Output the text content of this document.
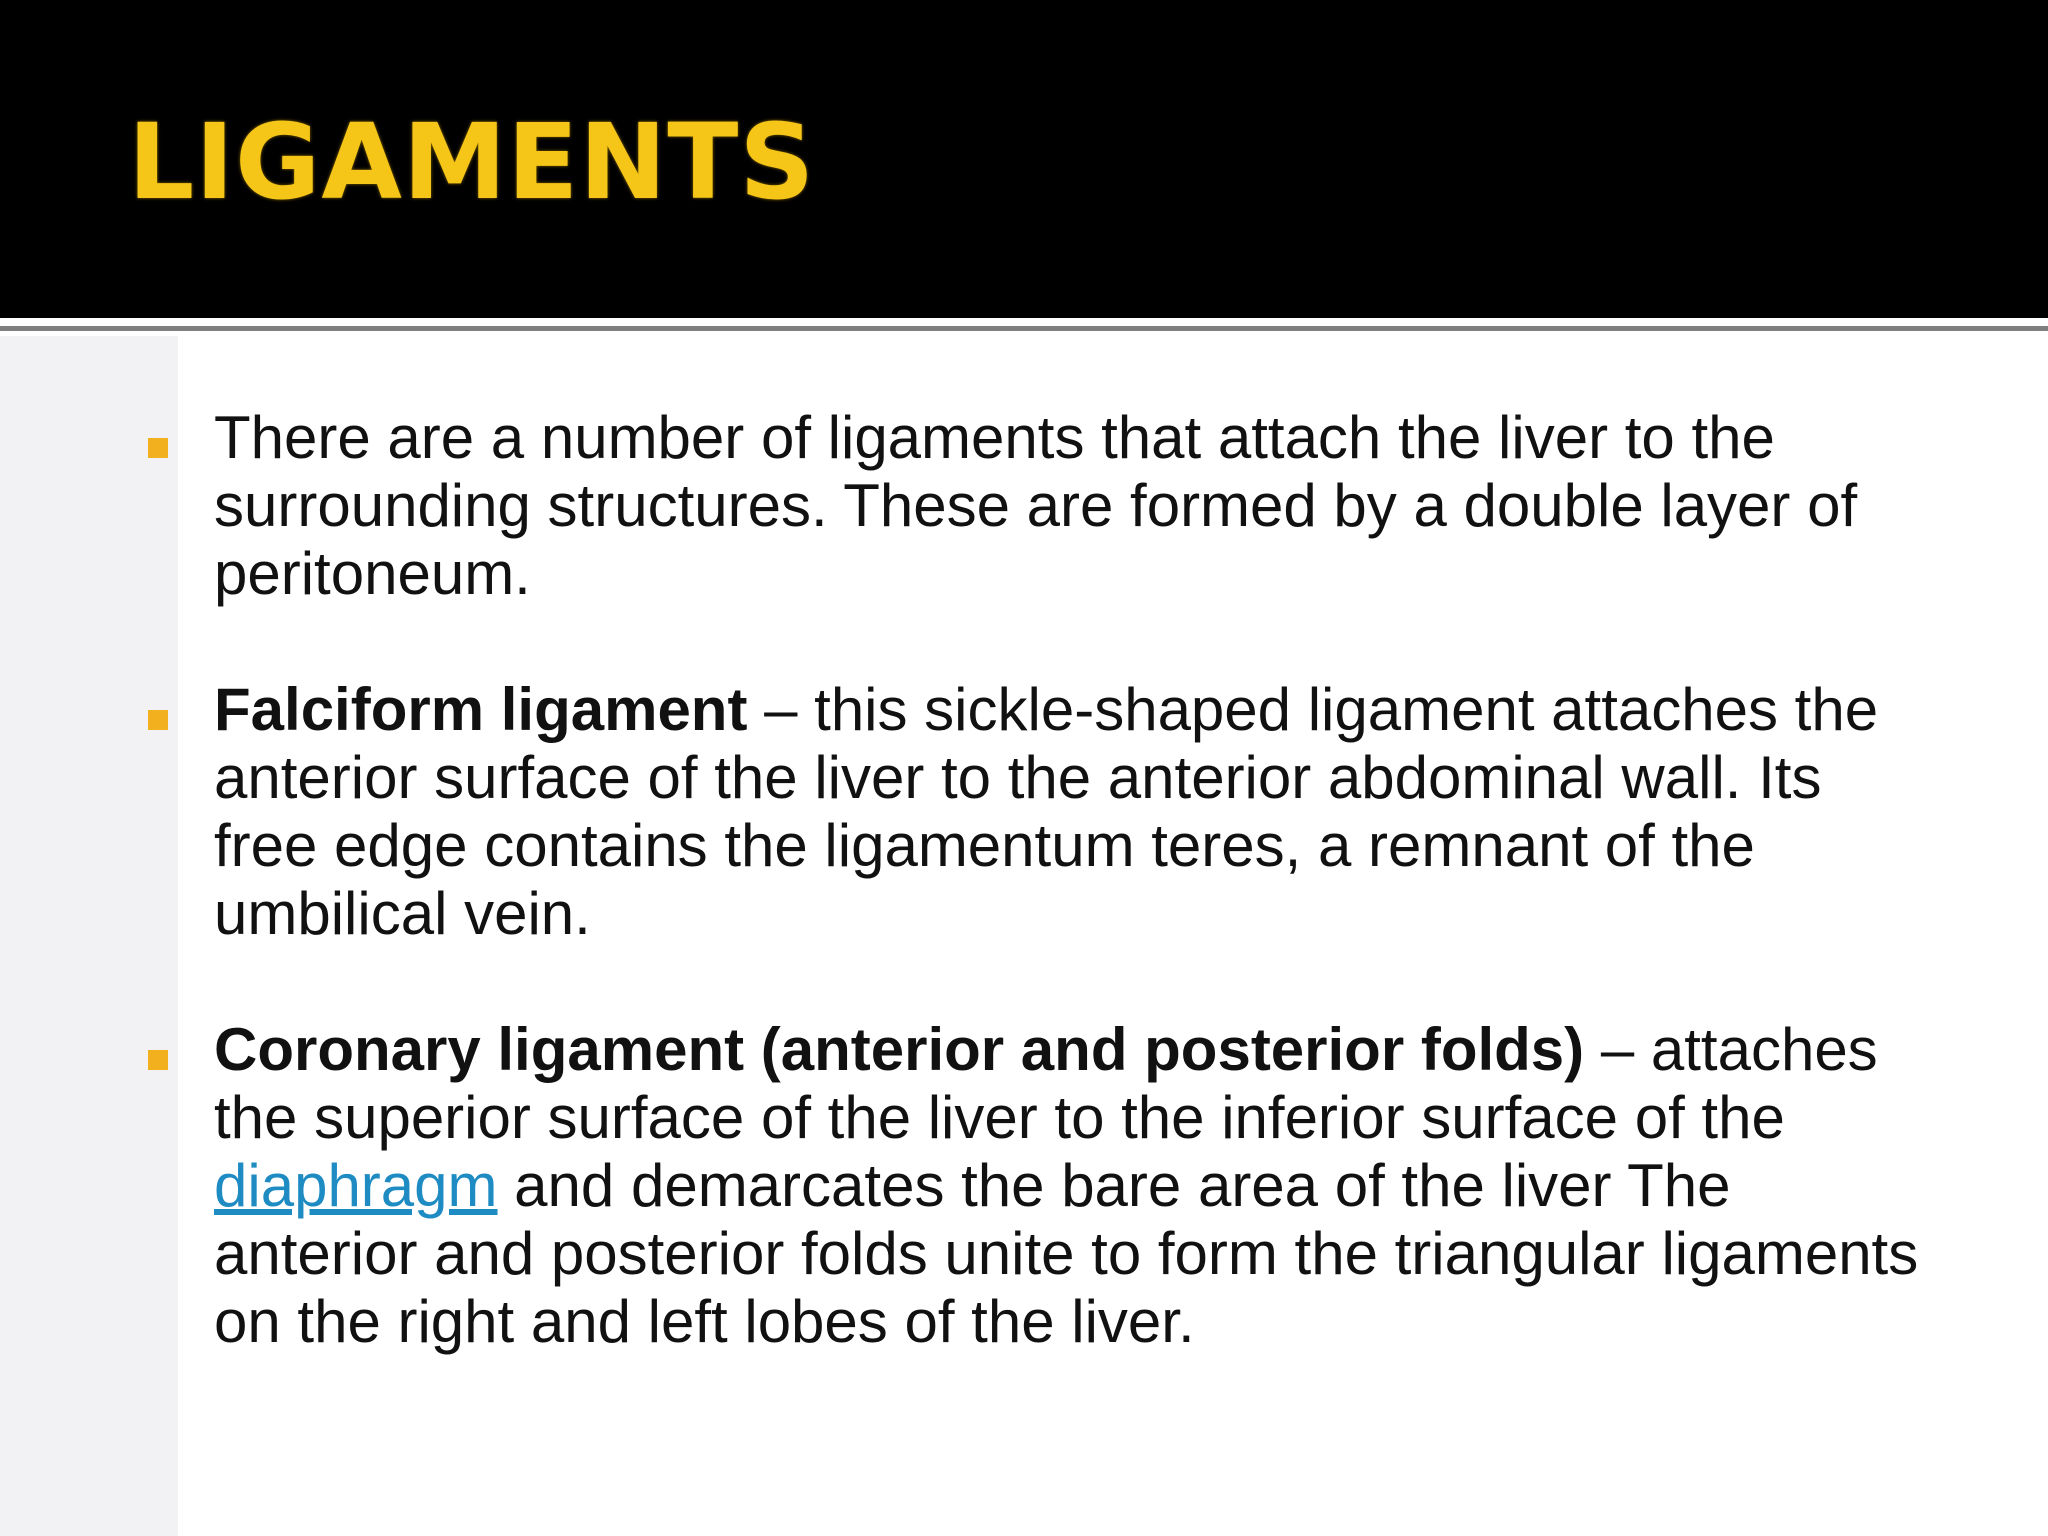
LIGAMENTS

There are a number of ligaments that attach the liver to the surrounding structures. These are formed by a double layer of peritoneum.

Falciform ligament – this sickle-shaped ligament attaches the anterior surface of the liver to the anterior abdominal wall. Its free edge contains the ligamentum teres, a remnant of the umbilical vein.

Coronary ligament (anterior and posterior folds) – attaches the superior surface of the liver to the inferior surface of the diaphragm and demarcates the bare area of the liver The anterior and posterior folds unite to form the triangular ligaments on the right and left lobes of the liver.
